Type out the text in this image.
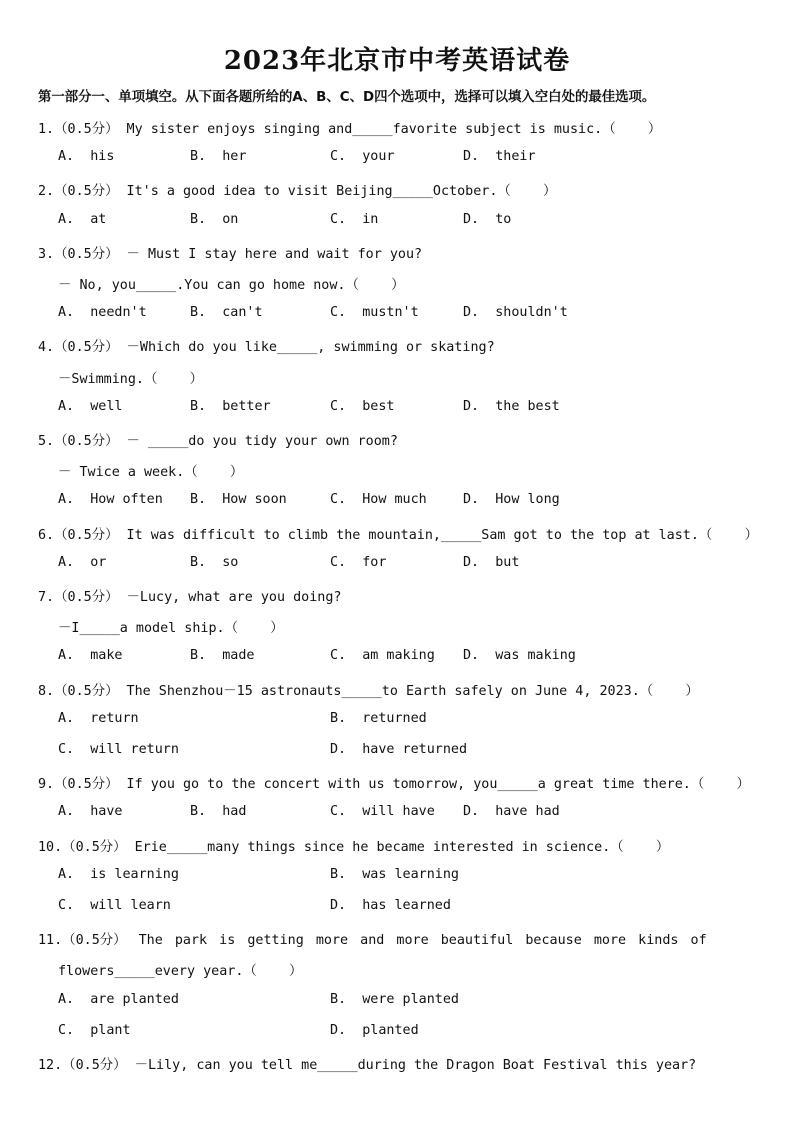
2023年北京市中考英语试卷
第一部分一、单项填空。从下面各题所给的A、B、C、D四个选项中，选择可以填入空白处的最佳选项。
1.（0.5分） My sister enjoys singing and_____favorite subject is music.（    ）
A.  his	B.  her	C.  your	D.  their
2.（0.5分） It's a good idea to visit Beijing_____October.（    ）
A.  at	B.  on	C.  in	D.  to
3.（0.5分） － Must I stay here and wait for you?
－ No, you_____.You can go home now.（    ）
A.  needn't	B.  can't	C.  mustn't	D.  shouldn't
4.（0.5分） －Which do you like_____, swimming or skating?
－Swimming.（    ）
A.  well	B.  better	C.  best	D.  the best
5.（0.5分） － _____do you tidy your own room?
－ Twice a week.（    ）
A.  How often B.  How soon	C.  How much	D.  How long
6.（0.5分） It was difficult to climb the mountain,_____Sam got to the top at last.（    ）
A.  or	B.  so	C.  for	D.  but
7.（0.5分） －Lucy, what are you doing?
－I_____a model ship.（    ）
A.  make	B.  made	C.  am making D.  was making
8.（0.5分） The Shenzhou－15 astronauts_____to Earth safely on June 4, 2023.（    ）
A.  return	B.  returned
C.  will return	D.  have returned
9.（0.5分） If you go to the concert with us tomorrow, you_____a great time there.（    ）
A.  have	B.  had	C.  will have D.  have had
10.（0.5分） Erie_____many things since he became interested in science.（    ）
A.  is learning	B.  was learning
C.  will learn	D.  has learned
11.（0.5分） The park is getting more and more beautiful because more kinds of
flowers_____every year.（    ）
A.  are planted	B.  were planted
C.  plant	D.  planted
12.（0.5分） －Lily, can you tell me_____during the Dragon Boat Festival this year?
